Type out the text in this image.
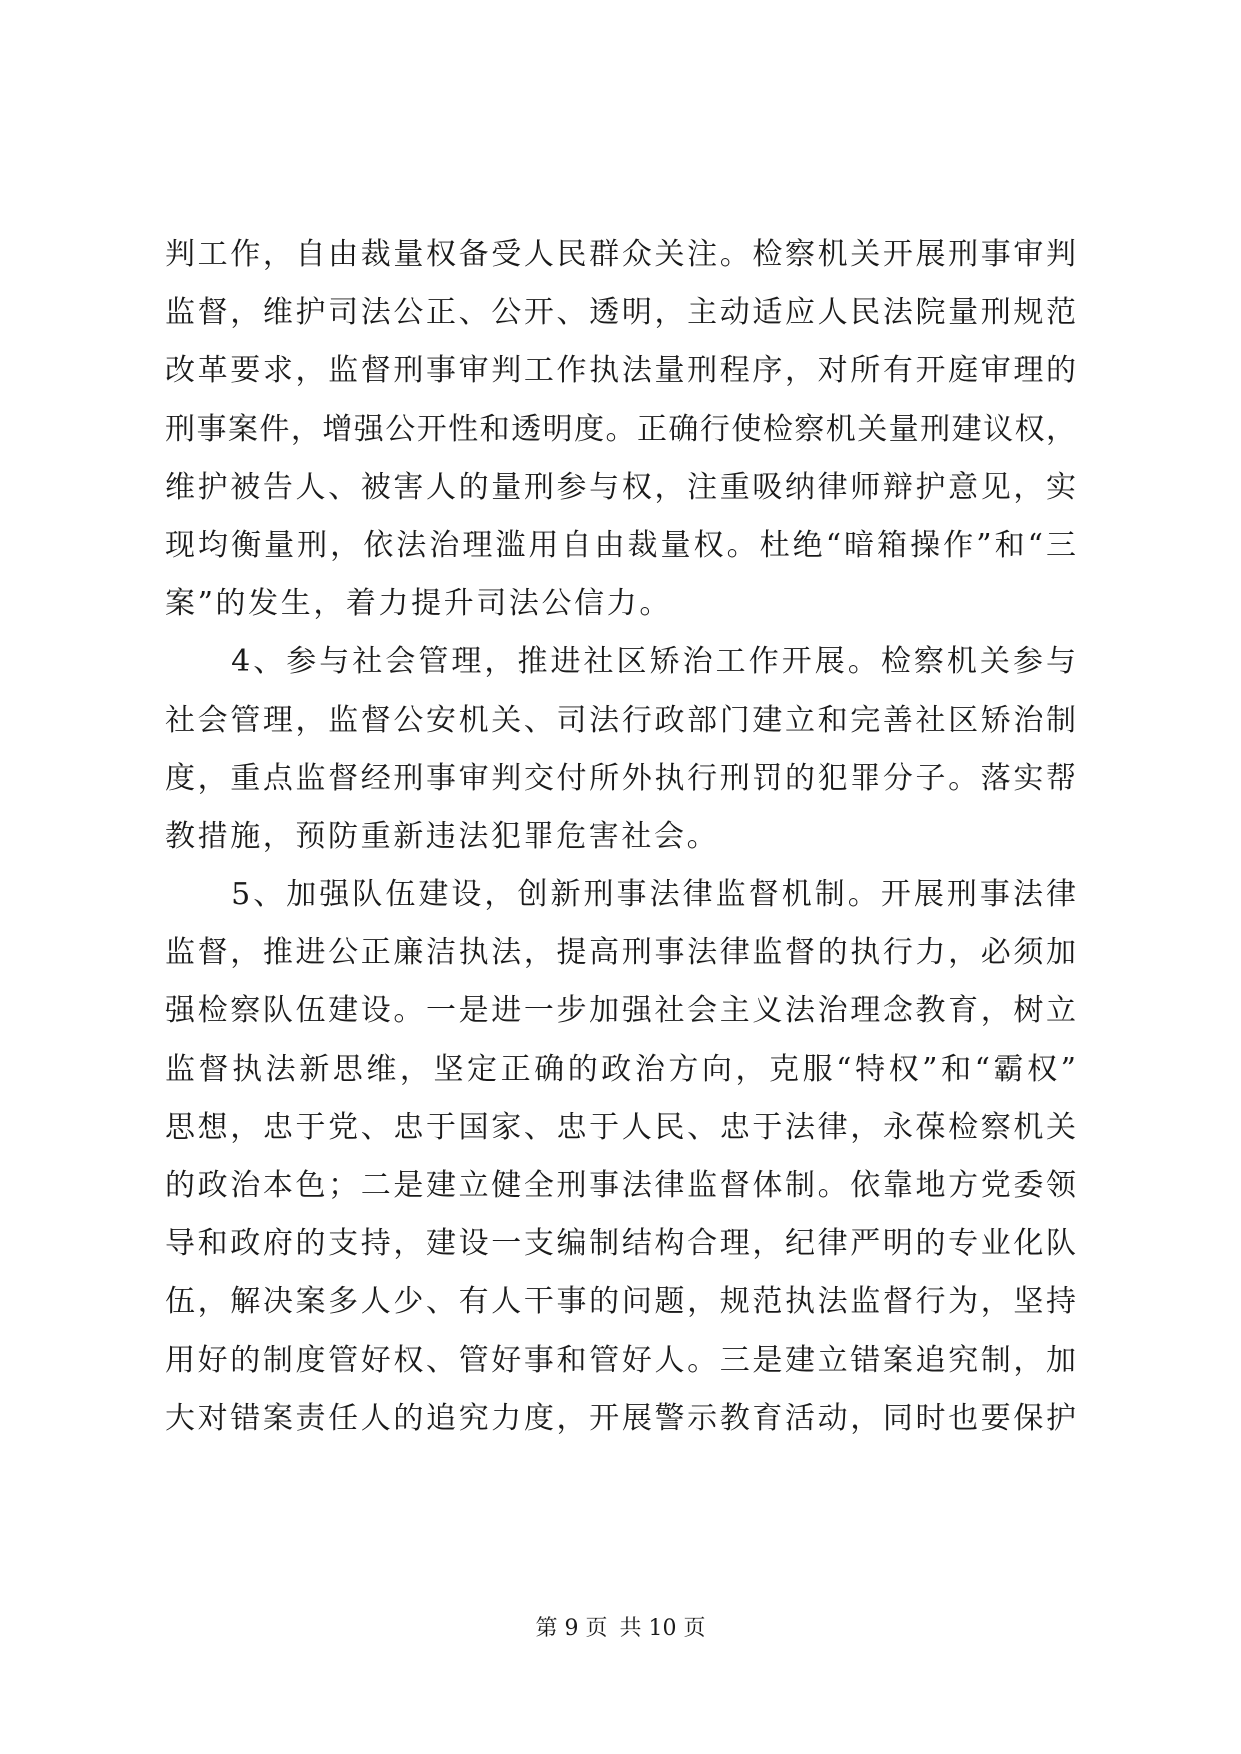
判工作，自由裁量权备受人民群众关注。检察机关开展刑事审判
监督，维护司法公正、公开、透明，主动适应人民法院量刑规范
改革要求，监督刑事审判工作执法量刑程序，对所有开庭审理的
刑事案件，增强公开性和透明度。正确行使检察机关量刑建议权，
维护被告人、被害人的量刑参与权，注重吸纳律师辩护意见，实
现均衡量刑，依法治理滥用自由裁量权。杜绝“暗箱操作”和“三
案”的发生，着力提升司法公信力。
　　4、参与社会管理，推进社区矫治工作开展。检察机关参与
社会管理，监督公安机关、司法行政部门建立和完善社区矫治制
度，重点监督经刑事审判交付所外执行刑罚的犯罪分子。落实帮
教措施，预防重新违法犯罪危害社会。
　　5、加强队伍建设，创新刑事法律监督机制。开展刑事法律
监督，推进公正廉洁执法，提高刑事法律监督的执行力，必须加
强检察队伍建设。一是进一步加强社会主义法治理念教育，树立
监督执法新思维，坚定正确的政治方向，克服“特权”和“霸权”
思想，忠于党、忠于国家、忠于人民、忠于法律，永葆检察机关
的政治本色；二是建立健全刑事法律监督体制。依靠地方党委领
导和政府的支持，建设一支编制结构合理，纪律严明的专业化队
伍，解决案多人少、有人干事的问题，规范执法监督行为，坚持
用好的制度管好权、管好事和管好人。三是建立错案追究制，加
大对错案责任人的追究力度，开展警示教育活动，同时也要保护
第 9 页 共 10 页
